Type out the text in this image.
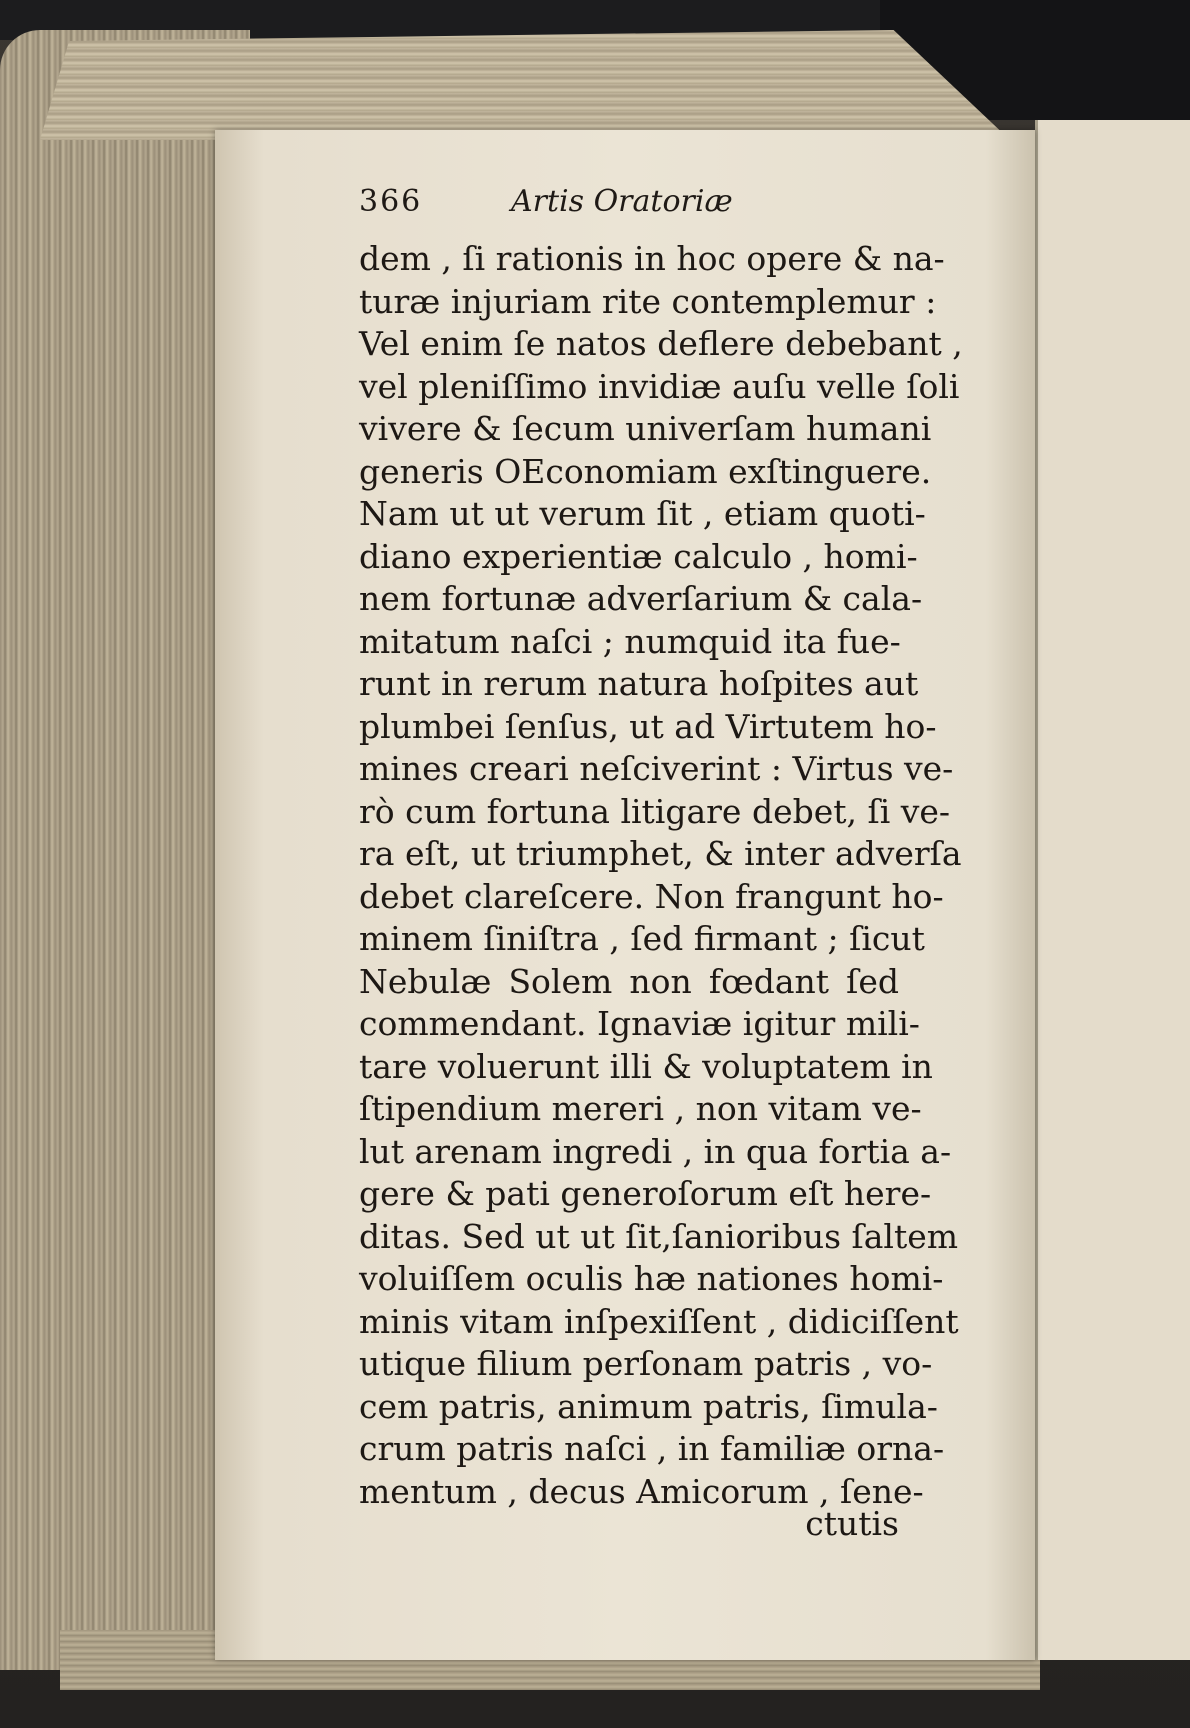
366	Artis Oratoriæ
dem , ſi rationis in hoc opere & na-
turæ injuriam rite contemplemur :
Vel enim ſe natos deflere debebant ,
vel pleniſſimo invidiæ auſu velle ſoli
vivere & ſecum univerſam humani
generis OEconomiam exſtinguere.
Nam ut ut verum ſit , etiam quoti-
diano experientiæ calculo , homi-
nem fortunæ adverſarium & cala-
mitatum naſci ; numquid ita fue-
runt in rerum natura hoſpites aut
plumbei ſenſus, ut ad Virtutem ho-
mines creari neſciverint : Virtus ve-
rò cum fortuna litigare debet, ſi ve-
ra eſt, ut triumphet, & inter adverſa
debet clareſcere. Non frangunt ho-
minem ſiniſtra , ſed firmant ; ſicut
Nebulæ Solem non fœdant ſed
commendant. Ignaviæ igitur mili-
tare voluerunt illi & voluptatem in
ſtipendium mereri , non vitam ve-
lut arenam ingredi , in qua fortia a-
gere & pati generoſorum eſt here-
ditas. Sed ut ut ſit,ſanioribus ſaltem
voluiſſem oculis hæ nationes homi-
minis vitam inſpexiſſent , didiciſſent
utique filium perſonam patris , vo-
cem patris, animum patris, ſimula-
crum patris naſci , in familiæ orna-
mentum , decus Amicorum , ſene-
ctutis
